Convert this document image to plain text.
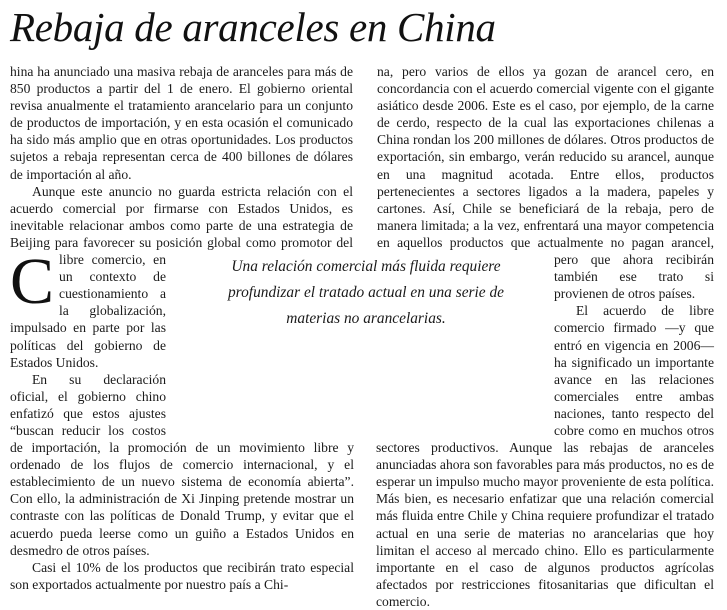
Rebaja de aranceles en China

C
hina ha anunciado una masiva rebaja de aranceles para más de 850 productos a partir del 1 de enero. El gobierno oriental revisa anualmente el tratamiento arancelario para un conjunto de productos de importación, y en esta ocasión el comunicado ha sido más amplio que en otras oportunidades. Los productos sujetos a rebaja representan cerca de 400 billones de dólares de importación al año.

Aunque este anuncio no guarda estricta relación con el acuerdo comercial por firmarse con Estados Unidos, es inevitable relacionar ambos como parte de una estrategia de Beijing para favorecer su posición global como promotor del libre comercio, en un contexto de cuestionamiento a la globalización, impulsado en parte por las políticas del gobierno de Estados Unidos.

En su declaración oficial, el gobierno chino enfatizó que estos ajustes “buscan reducir los costos de importación, la promoción de un movimiento libre y ordenado de los flujos de comercio internacional, y el establecimiento de un nuevo sistema de economía abierta”. Con ello, la administración de Xi Jinping pretende mostrar un contraste con las políticas de Donald Trump, y evitar que el acuerdo pueda leerse como un guiño a Estados Unidos en desmedro de otros países.

Casi el 10% de los productos que recibirán trato especial son exportados actualmente por nuestro país a Chi-

na, pero varios de ellos ya gozan de arancel cero, en concordancia con el acuerdo comercial vigente con el gigante asiático desde 2006. Este es el caso, por ejemplo, de la carne de cerdo, respecto de la cual las exportaciones chilenas a China rondan los 200 millones de dólares. Otros productos de exportación, sin embargo, verán reducido su arancel, aunque en una magnitud acotada. Entre ellos, productos pertenecientes a sectores ligados a la madera, papeles y cartones. Así, Chile se beneficiará de la rebaja, pero de manera limitada; a la vez, enfrentará una mayor competencia en aquellos productos que actualmente no pagan arancel, pero que ahora recibirán también ese trato si provienen de otros países.

El acuerdo de libre comercio firmado —y que entró en vigencia en 2006— ha significado un importante avance en las relaciones comerciales entre ambas naciones, tanto respecto del cobre como en muchos otros sectores productivos. Aunque las rebajas de aranceles anunciadas ahora son favorables para más productos, no es de esperar un impulso mucho mayor proveniente de esta política. Más bien, es necesario enfatizar que una relación comercial más fluida entre Chile y China requiere profundizar el tratado actual en una serie de materias no arancelarias que hoy limitan el acceso al mercado chino. Ello es particularmente importante en el caso de algunos productos agrícolas afectados por restricciones fitosanitarias que dificultan el comercio.

Una relación comercial más fluida requiere profundizar el tratado actual en una serie de materias no arancelarias.
